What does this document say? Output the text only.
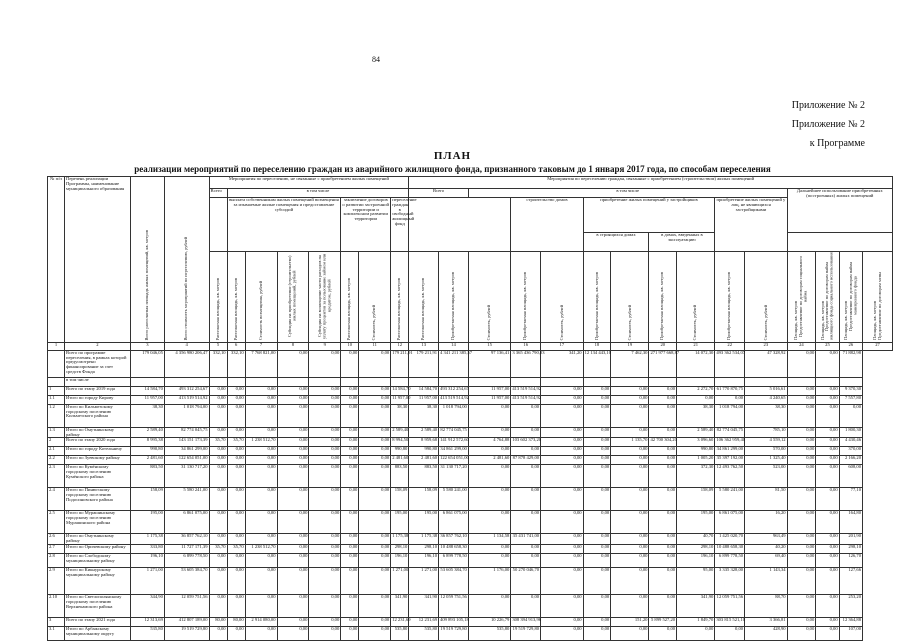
84
Приложение № 2
Приложение № 2
к Программе
ПЛАН
реализации мероприятий по переселению граждан из аварийного жилищного фонда, признанного таковым до 1 января 2017 года, по способам переселения
№ п/п	Перечень реализации Программы, наименование муниципального образования	Всего расселяемая площадь жилых помещений, кв. метров	Всего стоимость мероприятий по переселению, рублей	Мероприятия по переселению, не связанные с приобретением жилых помещений								Мероприятия по переселению граждан, связанные с приобретением (строительством) жилых помещений														
				Всего	в том числе							Всего		в том числе									Дальнейшее использование приобретенных (построенных) жилых помещений			
					выплата собственникам жилых помещений возмещения за изымаемые жилые помещения и предоставление субсидий				заключение договоров о развитии застроенной территории и комплексном развитии территории		переселение граждан в свободный жилищный фонд				строительство домов		приобретение жилых помещений у застройщиков				приобретение жилых помещений у лиц, не являющихся застройщиками					
																	в строящихся домах		в домах, введенных в эксплуатацию							
				Расселяемая площадь, кв. метров	Расселяемая площадь, кв. метров	Стоимость возмещения, рублей	Субсидия на приобретение (строительство) жилых помещений, рублей	Субсидия на возмещение части расходов на уплату процентов за пользование займом или кредитом, рублей	Расселяемая площадь, кв. метров	Стоимость, рублей	Расселяемая площадь, кв. метров	Расселяемая площадь, кв. метров	Приобретаемая площадь, кв. метров	Стоимость, рублей	Приобретаемая площадь, кв. метров	Стоимость, рублей	Приобретаемая площадь, кв. метров	Стоимость, рублей	Приобретаемая площадь, кв. метров	Стоимость, рублей	Приобретаемая площадь, кв. метров	Стоимость, рублей	Площадь, кв. метровПредоставление по договорам социального найма	Площадь, кв. метровПредоставление по договорам найма жилищного фонда социального использования	Площадь, кв. метровПредоставление по договорам найма маневренного фонда	Площадь, кв. метровПредоставление по договорам мены
1	2	3	4	5	6	7	8	9	10	11	12	13	14	15	16	17	18	19	20	21	22	23	24	25	26	27
	Всего по программе переселения, в рамках которой предусмотрено финансирование за счет средств Фонда	179 046,05	4 356 980 206,47	332,10	332,10	7 768 821,00	0,00	0,00	0,00	0,00	179 211,91	179 211,91	4 341 211 385,57	97 136,41	3 365 436 790,03	341,20	12 134 443,10	7 462,30	271 977 668,87	14 072,30	493 362 534,07	47 328,92	0,00	0,00	71 882,98	
	в том числе																									
1	Всего по этапу 2019 года	14 584,70	493 312 254,67	0,00	0,00	0,00	0,00	0,00	0,00	0,00	14 584,70	14 584,70	493 312 254,67	11 957,00	413 519 514,92	0,00	0,00	0,00	0,00	2 272,70	61 770 870,75	5 016,61	0,00	0,00	9 370,30	
1.1	Итого по городу Кирову	11 957,00	413 519 514,92	0,00	0,00	0,00	0,00	0,00	0,00	0,00	11 957,00	11 957,00	413 519 514,92	11 957,00	413 519 514,92	0,00	0,00	0,00	0,00	0,00	0,00	4 240,65	0,00	0,00	7 557,80	
1.2	Итого по Кильмезскому городскому поселению Кильмезского района	38,30	1 018 794,00	0,00	0,00	0,00	0,00	0,00	0,00	0,00	38,30	38,30	1 018 794,00	0,00	0,00	0,00	0,00	0,00	0,00	38,30	1 018 794,00	38,30	0,00	0,00	0,00	
1.3	Итого по Омутнинскому району	2 589,40	82 774 045,75	0,00	0,00	0,00	0,00	0,00	0,00	0,00	2 589,40	2 589,40	82 774 045,75	0,00	0,00	0,00	0,00	0,00	0,00	2 589,40	82 774 045,75	785,10	0,00	0,00	1 800,30	
2	Всего по этапу 2020 года	8 995,38	143 151 173,39	35,70	35,70	1 238 512,70	0,00	0,00	0,00	0,00	8 994,50	8 959,68	141 912 572,60	4 764,88	103 602 373,20	0,00	0,00	1 135,70	42 700 304,20	3 096,60	106 362 959,40	4 559,12	0,00	0,00	4 430,46	
2.1	Итого по городу Котельничу	990,80	34 861 299,00	0,00	0,00	0,00	0,00	0,00	0,00	0,00	990,80	990,80	34 861 299,00	0,00	0,00	0,00	0,00	0,00	0,00	990,80	34 861 299,00	570,00	0,00	0,00	370,00	
2.2	Итого по Зуевскому району	2 481,60	122 654 051,00	0,00	0,00	0,00	0,00	0,00	0,00	0,00	2 481,60	2 481,60	122 654 051,00	2 481,60	87 878 429,00	0,00	0,00	0,00	0,00	1 005,20	35 397 192,00	1 325,40	0,00	0,00	2 166,20	
2.3	Итого по Кумёнскому городскому поселению Кумёнского района	883,50	31 130 717,20	0,00	0,00	0,00	0,00	0,00	0,00	0,00	883,50	883,50	31 130 717,20	0,00	0,00	0,00	0,00	0,00	0,00	372,30	12 493 762,50	523,00	0,00	0,00	608,00	
2.4	Итого по Пинюгскому городскому поселению Подосиновского района	158,09	5 580 241,00	0,00	0,00	0,00	0,00	0,00	0,00	0,00	158,09	158,09	5 580 241,00	0,00	0,00	0,00	0,00	0,00	0,00	158,09	5 580 241,00	81,50	0,00	0,00	77,10	
2.5	Итого по Мурашинскому городскому поселению Мурашинского района	195,00	6 861 075,00	0,00	0,00	0,00	0,00	0,00	0,00	0,00	195,00	195,00	6 861 075,00	0,00	0,00	0,00	0,00	0,00	0,00	195,00	6 861 075,00	16,20	0,00	0,00	164,80	
2.6	Итого по Омутнинскому району	1 175,38	36 857 762,10	0,00	0,00	0,00	0,00	0,00	0,00	0,00	1 175,38	1 175,38	36 857 762,10	1 134,58	35 431 741,00	0,00	0,00	0,00	0,00	40,70	1 425 020,70	963,49	0,00	0,00	201,90	
2.7	Итого по Оричевскому району	333,80	11 727 171,39	35,70	35,70	1 238 512,70	0,00	0,00	0,00	0,00	298,10	298,10	10 488 658,30	0,00	0,00	0,00	0,00	0,00	0,00	298,10	10 488 658,30	40,20	0,00	0,00	298,10	
2.8	Итого по Слободскому муниципальному району	196,10	6 899 778,50	0,00	0,00	0,00	0,00	0,00	0,00	0,00	196,10	196,10	6 899 778,50	0,00	0,00	0,00	0,00	0,00	0,00	196,10	6 899 778,50	69,40	0,00	0,00	126,70	
2.9	Итого по Кикнурскому муниципальному району	1 271,00	53 605 384,70	0,00	0,00	0,00	0,00	0,00	0,00	0,00	1 271,00	1 271,00	53 605 384,70	1 176,00	50 270 046,70	0,00	0,00	0,00	0,00	95,00	3 335 328,00	1 143,34	0,00	0,00	127,66	
2.10	Итого по Светлополянскому городскому поселению Верхнекамского района	344,90	12 059 751,56	0,00	0,00	0,00	0,00	0,00	0,00	0,00	341,90	341,90	12 059 751,56	0,00	0,00	0,00	0,00	0,00	0,00	341,90	12 059 751,56	88,70	0,00	0,00	253,20	
3	Всего по этапу 2021 года	12 313,69	412 807 189,00	80,00	80,00	2 914 080,00	0,00	0,00	0,00	0,00	12 231,69	12 231,69	409 893 105,18	10 226,79	308 394 913,96	0,00	0,00	151,20	5 899 527,20	1 849,70	303 815 521,10	3 366,81	0,00	0,00	12 364,88	
3.1	Итого по Арбажскому муниципальному округу	535,80	19 519 729,80	0,00	0,00	0,00	0,00	0,00	0,00	0,00	535,80	535,80	19 519 729,80	535,80	19 519 729,80	0,00	0,00	0,00	0,00	0,00	0,00	428,90	0,00	0,00	107,00	
